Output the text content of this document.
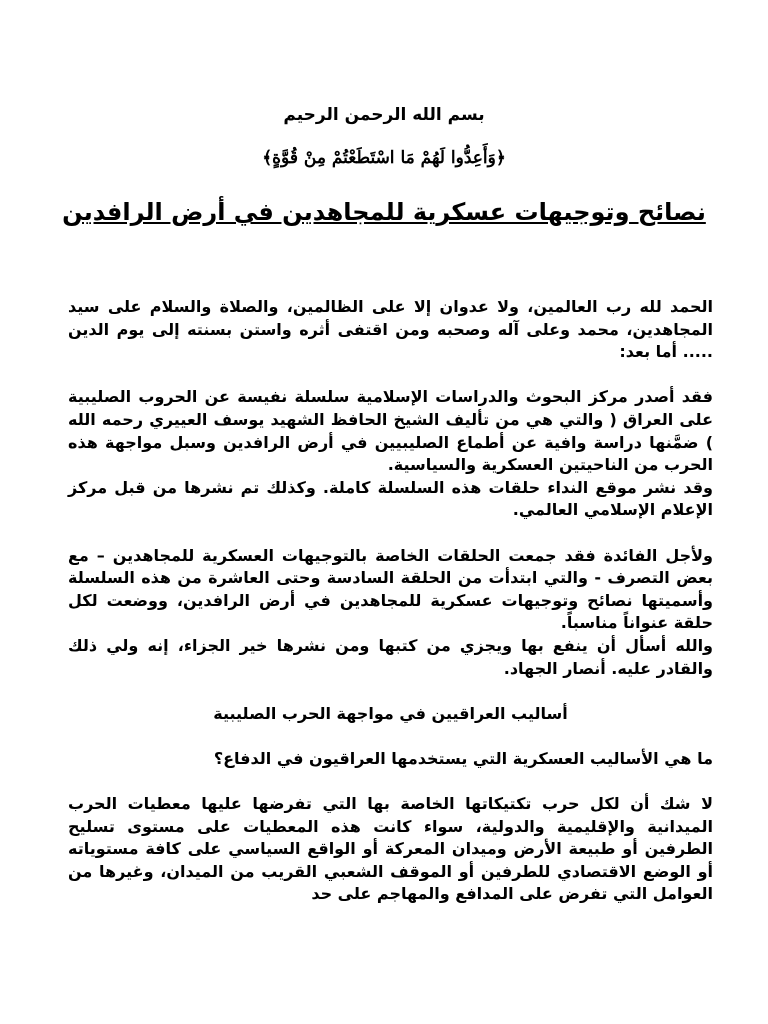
بسم الله الرحمن الرحيم
﴿وَأَعِدُّوا لَهُمْ مَا اسْتَطَعْتُمْ مِنْ قُوَّةٍ﴾
نصائح وتوجيهات عسكرية للمجاهدين في أرض الرافدين

الحمد لله رب العالمين، ولا عدوان إلا على الظالمين، والصلاة والسلام على سيد المجاهدين، محمد وعلى آله وصحبه ومن اقتفى أثره واستن بسنته إلى يوم الدين ..... أما بعد:

فقد أصدر مركز البحوث والدراسات الإسلامية سلسلة نفيسة عن الحروب الصليبية على العراق ( والتي هي من تأليف الشيخ الحافظ الشهيد يوسف العييري رحمه الله ) ضمَّنها دراسة وافية عن أطماع الصليبيين في أرض الرافدين وسبل مواجهة هذه الحرب من الناحيتين العسكرية والسياسية.

وقد نشر موقع النداء حلقات هذه السلسلة كاملة. وكذلك تم نشرها من قبل مركز الإعلام الإسلامي العالمي.

ولأجل الفائدة فقد جمعت الحلقات الخاصة بالتوجيهات العسكرية للمجاهدين – مع بعض التصرف - والتي ابتدأت من الحلقة السادسة وحتى العاشرة من هذه السلسلة وأسميتها نصائح وتوجيهات عسكرية للمجاهدين في أرض الرافدين، ووضعت لكل حلقة عنواناً مناسباً.

والله أسأل أن ينفع بها ويجزي من كتبها ومن نشرها خير الجزاء، إنه ولي ذلك والقادر عليه. أنصار الجهاد.

أساليب العراقيين في مواجهة الحرب الصليبية

ما هي الأساليب العسكرية التي يستخدمها العراقيون في الدفاع؟

لا شك أن لكل حرب تكتيكاتها الخاصة بها التي تفرضها عليها معطيات الحرب الميدانية والإقليمية والدولية، سواء كانت هذه المعطيات على مستوى تسليح الطرفين أو طبيعة الأرض وميدان المعركة أو الواقع السياسي على كافة مستوياته أو الوضع الاقتصادي للطرفين أو الموقف الشعبي القريب من الميدان، وغيرها من العوامل التي تفرض على المدافع والمهاجم على حد
